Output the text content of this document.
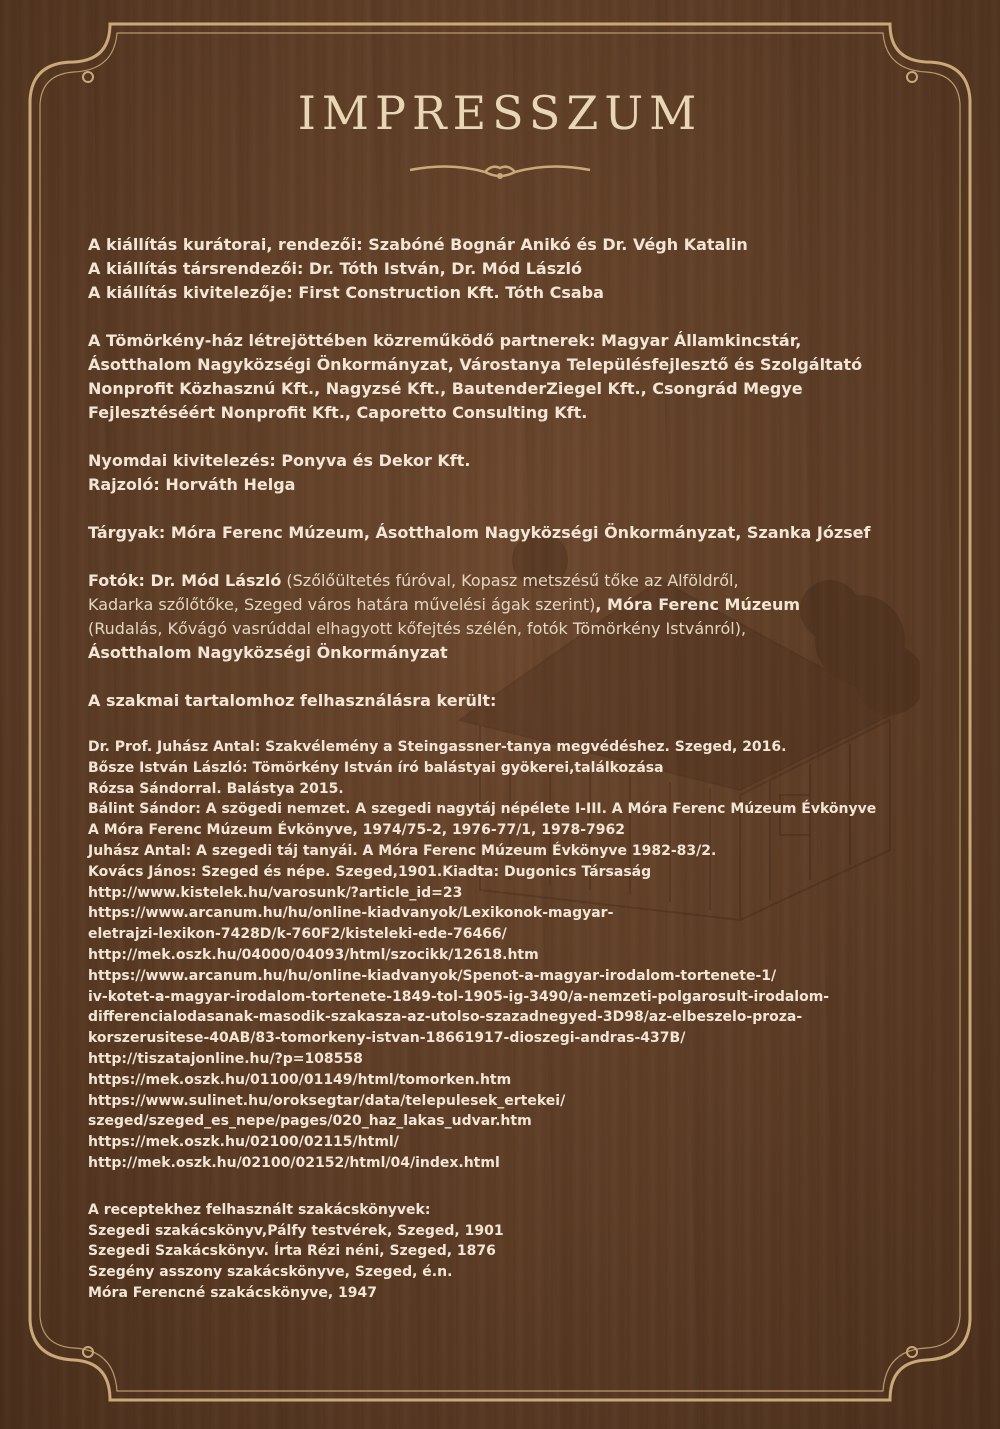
IMPRESSZUM
A kiállítás kurátorai, rendezői: Szabóné Bognár Anikó és Dr. Végh Katalin
A kiállítás társrendezői: Dr. Tóth István, Dr. Mód László
A kiállítás kivitelezője: First Construction Kft. Tóth Csaba
A Tömörkény-ház létrejöttében közreműködő partnerek: Magyar Államkincstár,
Ásotthalom Nagyközségi Önkormányzat, Várostanya Településfejlesztő és Szolgáltató
Nonprofit Közhasznú Kft., Nagyzsé Kft., BautenderZiegel Kft., Csongrád Megye
Fejlesztéséért Nonprofit Kft., Caporetto Consulting Kft.
Nyomdai kivitelezés: Ponyva és Dekor Kft.
Rajzoló: Horváth Helga
Tárgyak: Móra Ferenc Múzeum, Ásotthalom Nagyközségi Önkormányzat, Szanka József
Fotók: Dr. Mód László (Szőlőültetés fúróval, Kopasz metszésű tőke az Alföldről,
Kadarka szőlőtőke, Szeged város határa művelési ágak szerint), Móra Ferenc Múzeum
(Rudalás, Kővágó vasrúddal elhagyott kőfejtés szélén, fotók Tömörkény Istvánról),
Ásotthalom Nagyközségi Önkormányzat
A szakmai tartalomhoz felhasználásra került:
Dr. Prof. Juhász Antal: Szakvélemény a Steingassner-tanya megvédéshez. Szeged, 2016.
Bősze István László: Tömörkény István író balástyai gyökerei,találkozása
Rózsa Sándorral. Balástya 2015.
Bálint Sándor: A szögedi nemzet. A szegedi nagytáj népélete I-III. A Móra Ferenc Múzeum Évkönyve
A Móra Ferenc Múzeum Évkönyve, 1974/75-2, 1976-77/1, 1978-7962
Juhász Antal: A szegedi táj tanyái. A Móra Ferenc Múzeum Évkönyve 1982-83/2.
Kovács János: Szeged és népe. Szeged,1901.Kiadta: Dugonics Társaság
http://www.kistelek.hu/varosunk/?article_id=23
https://www.arcanum.hu/hu/online-kiadvanyok/Lexikonok-magyar-
eletrajzi-lexikon-7428D/k-760F2/kisteleki-ede-76466/
http://mek.oszk.hu/04000/04093/html/szocikk/12618.htm
https://www.arcanum.hu/hu/online-kiadvanyok/Spenot-a-magyar-irodalom-tortenete-1/
iv-kotet-a-magyar-irodalom-tortenete-1849-tol-1905-ig-3490/a-nemzeti-polgarosult-irodalom-
differencialodasanak-masodik-szakasza-az-utolso-szazadnegyed-3D98/az-elbeszelo-proza-
korszerusitese-40AB/83-tomorkeny-istvan-18661917-dioszegi-andras-437B/
http://tiszatajonline.hu/?p=108558
https://mek.oszk.hu/01100/01149/html/tomorken.htm
https://www.sulinet.hu/oroksegtar/data/telepulesek_ertekei/
szeged/szeged_es_nepe/pages/020_haz_lakas_udvar.htm
https://mek.oszk.hu/02100/02115/html/
http://mek.oszk.hu/02100/02152/html/04/index.html
A receptekhez felhasznált szakácskönyvek:
Szegedi szakácskönyv,Pálfy testvérek, Szeged, 1901
Szegedi Szakácskönyv. Írta Rézi néni, Szeged, 1876
Szegény asszony szakácskönyve, Szeged, é.n.
Móra Ferencné szakácskönyve, 1947
